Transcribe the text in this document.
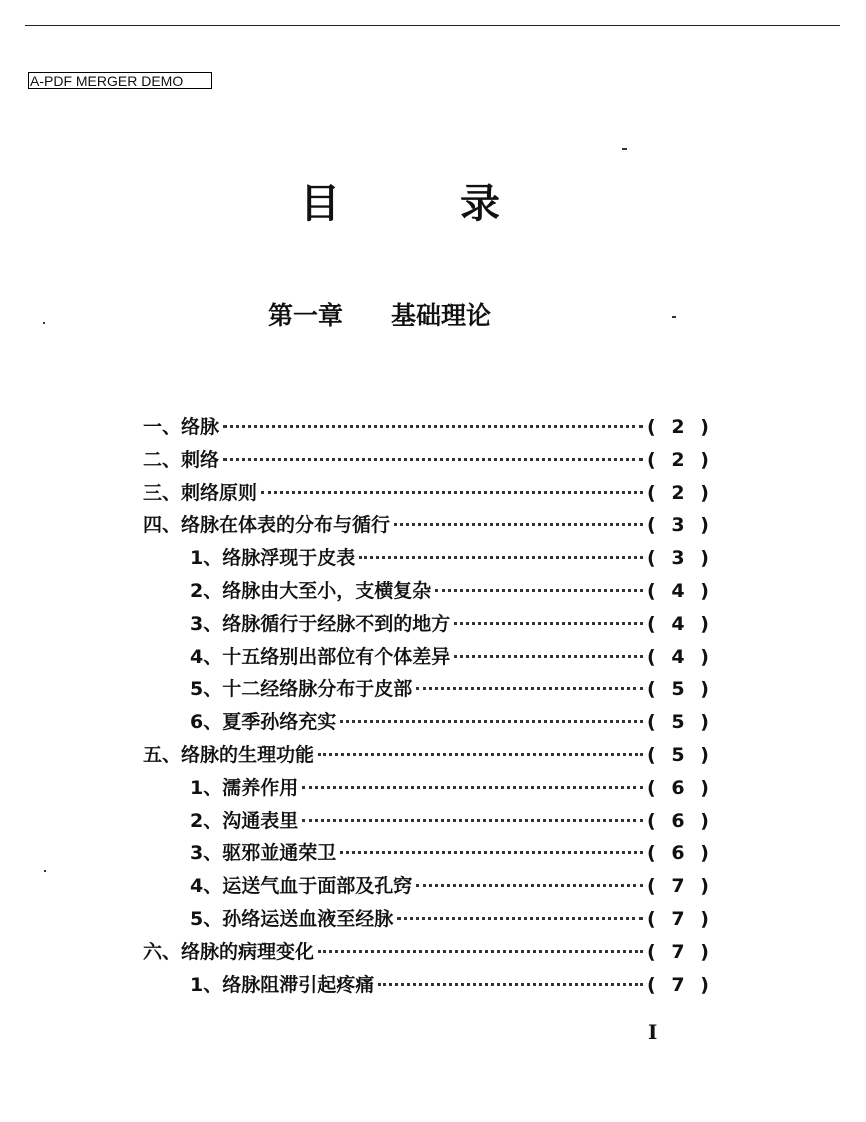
A-PDF MERGER DEMO
目	录
第一章 基础理论
一、络脉	( 2 )
二、刺络	( 2 )
三、刺络原则	( 2 )
四、络脉在体表的分布与循行	( 3 )
1、络脉浮现于皮表	( 3 )
2、络脉由大至小，支横复杂	( 4 )
3、络脉循行于经脉不到的地方	( 4 )
4、十五络别出部位有个体差异	( 4 )
5、十二经络脉分布于皮部	( 5 )
6、夏季孙络充实	( 5 )
五、络脉的生理功能	( 5 )
1、濡养作用	( 6 )
2、沟通表里	( 6 )
3、驱邪並通荣卫	( 6 )
4、运送气血于面部及孔窍	( 7 )
5、孙络运送血液至经脉	( 7 )
六、络脉的病理变化	( 7 )
1、络脉阻滞引起疼痛	( 7 )
I
